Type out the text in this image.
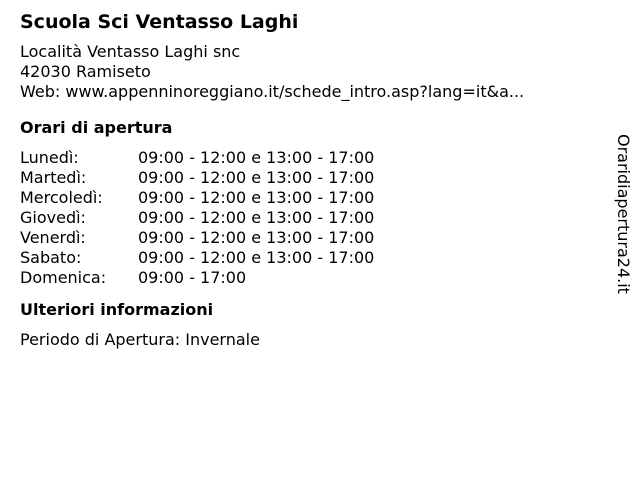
Scuola Sci Ventasso Laghi
Località Ventasso Laghi snc
42030 Ramiseto
Web: www.appenninoreggiano.it/schede_intro.asp?lang=it&a...
Orari di apertura
Lunedì:	09:00 - 12:00 e 13:00 - 17:00
Martedì:	09:00 - 12:00 e 13:00 - 17:00
Mercoledì:	09:00 - 12:00 e 13:00 - 17:00
Giovedì:	09:00 - 12:00 e 13:00 - 17:00
Venerdì:	09:00 - 12:00 e 13:00 - 17:00
Sabato:	09:00 - 12:00 e 13:00 - 17:00
Domenica:	09:00 - 17:00
Ulteriori informazioni
Periodo di Apertura: Invernale
Oraridiapertura24.it
